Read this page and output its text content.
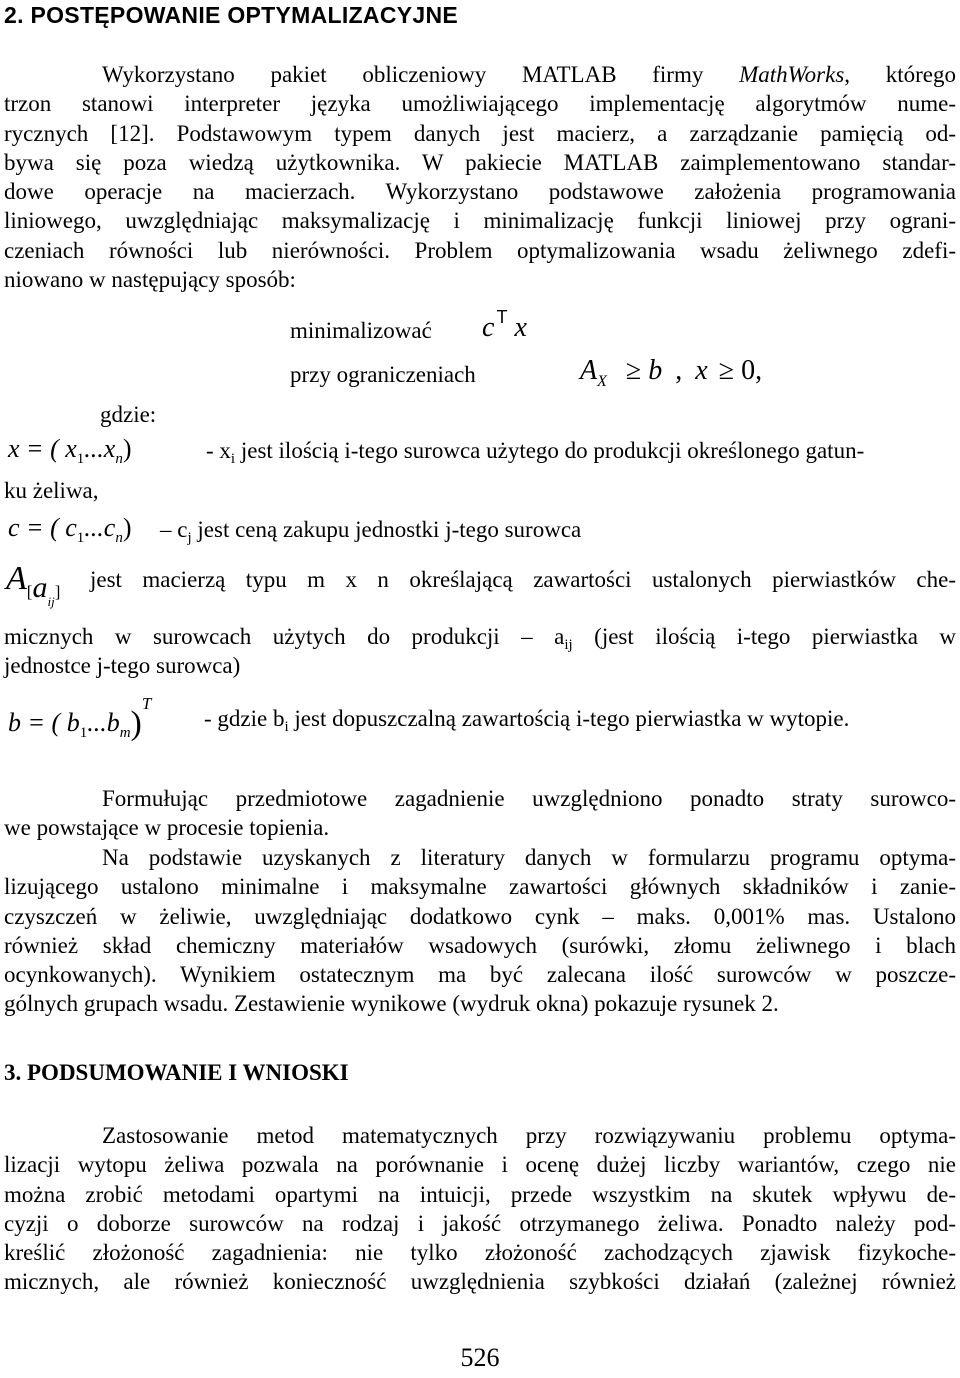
2. POSTĘPOWANIE OPTYMALIZACYJNE
Wykorzystano pakiet obliczeniowy MATLAB firmy MathWorks, którego
trzon stanowi interpreter języka umożliwiającego implementację algorytmów nume-
rycznych [12]. Podstawowym typem danych jest macierz, a zarządzanie pamięcią od-
bywa się poza wiedzą użytkownika. W pakiecie MATLAB zaimplementowano standar-
dowe operacje na macierzach. Wykorzystano podstawowe założenia programowania
liniowego, uwzględniając maksymalizację i minimalizację funkcji liniowej przy ograni-
czeniach równości lub nierówności. Problem optymalizowania wsadu żeliwnego zdefi-
niowano w następujący sposób:
minimalizować c $^T$ x
przy ograniczeniach	$A_X \ge b$ , x ≥ 0,
gdzie:
x = ( $x_1...x_n$)	- $x_i$ jest ilością i-tego surowca użytego do produkcji określonego gatun-
ku żeliwa,
c = ( $c_1...c_n) - c_j$ jest ceną zakupu jednostki j-tego surowca
$A_[a_{ij]}$ jest macierzą typu m x n określającą zawartości ustalonych pierwiastków che-
micznych w surowcach użytych do produkcji – $a_{ij}$ (jest ilością i-tego pierwiastka w
jednostce j-tego surowca)
b = ( $b_1...b_m)^T$
- gdzie $b_i$ jest dopuszczalną zawartością i-tego pierwiastka w wytopie.
Formułując przedmiotowe zagadnienie uwzględniono ponadto straty surowco-
we powstające w procesie topienia.
Na podstawie uzyskanych z literatury danych w formularzu programu optyma-
lizującego ustalono minimalne i maksymalne zawartości głównych składników i zanie-
czyszczeń w żeliwie, uwzględniając dodatkowo cynk – maks. 0,001% mas. Ustalono
również skład chemiczny materiałów wsadowych (surówki, złomu żeliwnego i blach
ocynkowanych). Wynikiem ostatecznym ma być zalecana ilość surowców w poszcze-
gólnych grupach wsadu. Zestawienie wynikowe (wydruk okna) pokazuje rysunek 2.
3. PODSUMOWANIE I WNIOSKI
Zastosowanie metod matematycznych przy rozwiązywaniu problemu optyma-
lizacji wytopu żeliwa pozwala na porównanie i ocenę dużej liczby wariantów, czego nie
można zrobić metodami opartymi na intuicji, przede wszystkim na skutek wpływu de-
cyzji o doborze surowców na rodzaj i jakość otrzymanego żeliwa. Ponadto należy pod-
kreślić złożoność zagadnienia: nie tylko złożoność zachodzących zjawisk fizykoche-
micznych, ale również konieczność uwzględnienia szybkości działań (zależnej również
526
